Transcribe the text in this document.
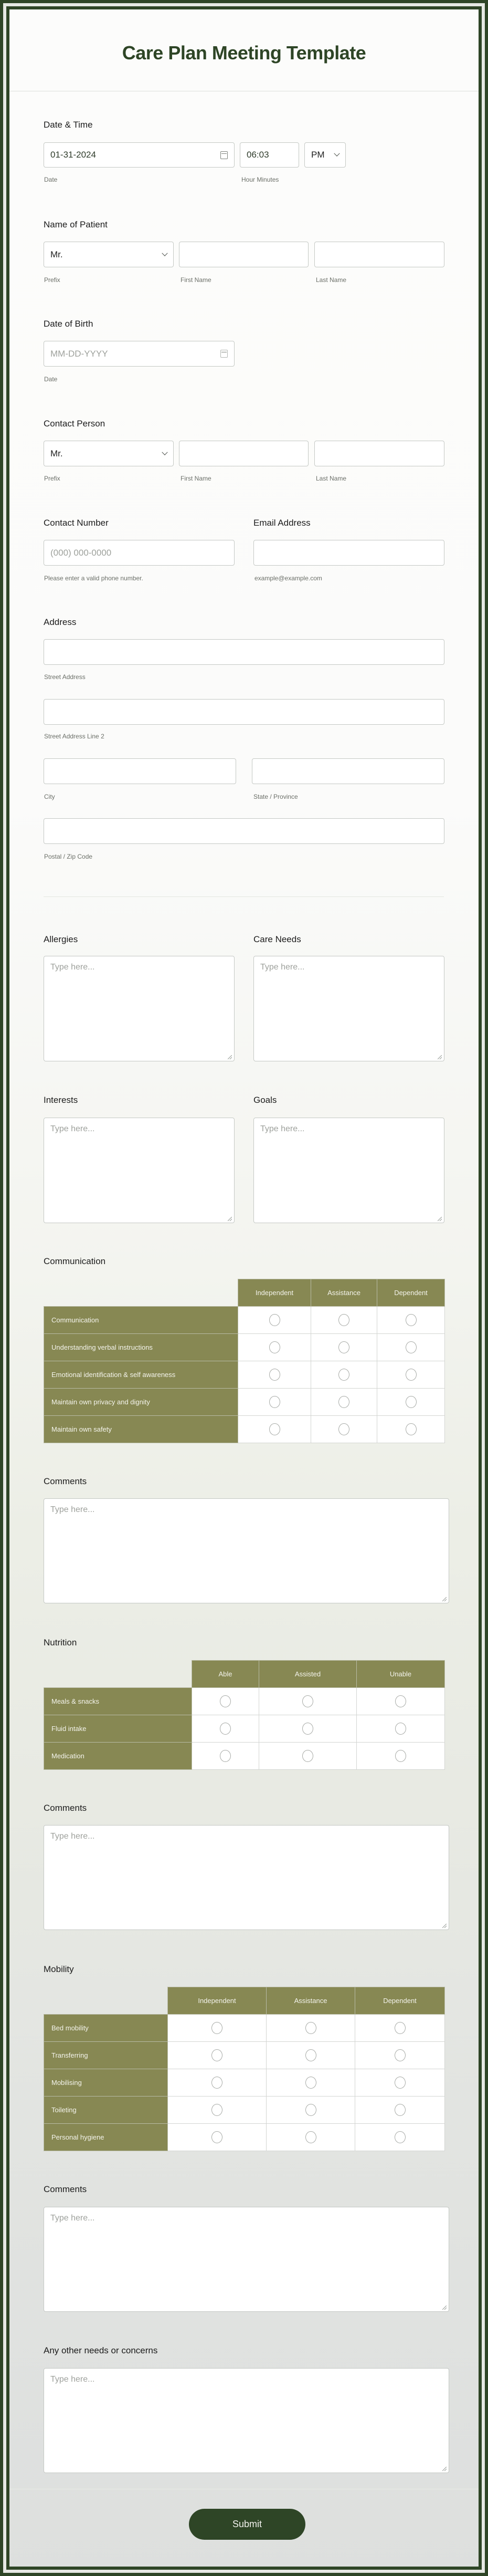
Care Plan Meeting Template
Date & Time
01-31-2024
Date
06:03
Hour Minutes
PM
Name of Patient
Mr.
Prefix	First Name	Last Name
Date of Birth
MM-DD-YYYY
Date
Contact Person
Mr.
Prefix	First Name	Last Name
Contact Number
(000) 000-0000
Please enter a valid phone number.
Email Address
example@example.com
Address
Street Address
Street Address Line 2
City	State / Province
Postal / Zip Code
Allergies
Type here...
Care Needs
Type here...
Interests
Type here...
Goals
Type here...
Communication
	Independent	Assistance	Dependent
Communication			
Understanding verbal instructions			
Emotional identification & self awareness			
Maintain own privacy and dignity			
Maintain own safety			
Comments
Type here...
Nutrition
	Able	Assisted	Unable
Meals & snacks			
Fluid intake			
Medication			
Comments
Type here...
Mobility
	Independent	Assistance	Dependent
Bed mobility			
Transferring			
Mobilising			
Toileting			
Personal hygiene			
Comments
Type here...
Any other needs or concerns
Type here...
Submit
